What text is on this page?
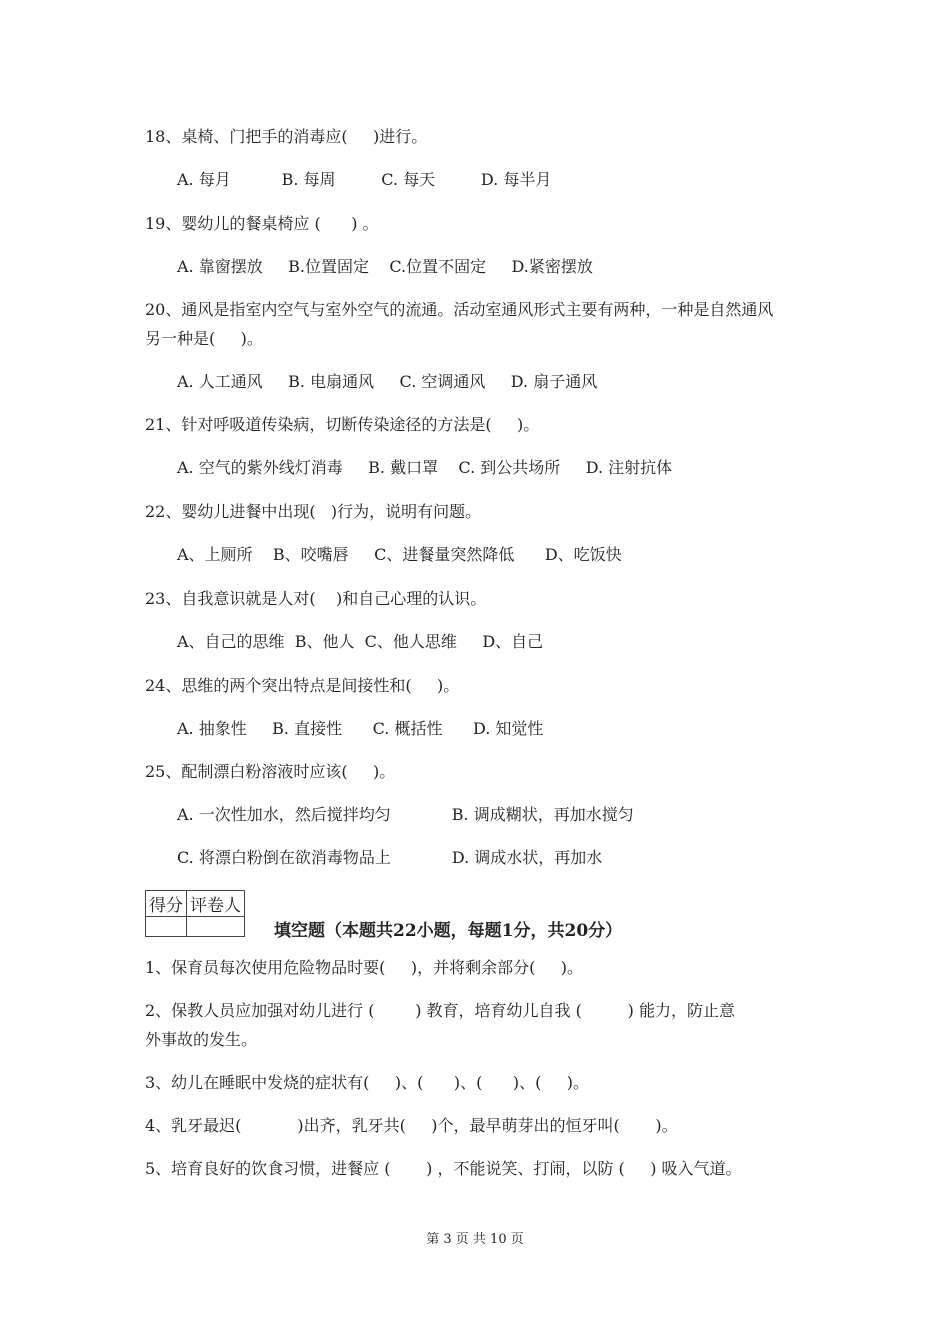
18、桌椅、门把手的消毒应(     )进行。
A. 每月          B. 每周         C. 每天         D. 每半月
19、婴幼儿的餐桌椅应 (      ) 。
A. 靠窗摆放     B.位置固定    C.位置不固定     D.紧密摆放
20、通风是指室内空气与室外空气的流通。活动室通风形式主要有两种，一种是自然通风
另一种是(     )。
A. 人工通风     B. 电扇通风     C. 空调通风     D. 扇子通风
21、针对呼吸道传染病，切断传染途径的方法是(     )。
A. 空气的紫外线灯消毒     B. 戴口罩    C. 到公共场所     D. 注射抗体
22、婴幼儿进餐中出现(   )行为，说明有问题。
A、上厕所    B、咬嘴唇     C、进餐量突然降低      D、吃饭快
23、自我意识就是人对(    )和自己心理的认识。
A、自己的思维  B、他人  C、他人思维     D、自己
24、思维的两个突出特点是间接性和(     )。
A. 抽象性     B. 直接性      C. 概括性      D. 知觉性
25、配制漂白粉溶液时应该(     )。
A. 一次性加水，然后搅拌均匀            B. 调成糊状，再加水搅匀
C. 将漂白粉倒在欲消毒物品上            D. 调成水状，再加水
得分	评卷人

填空题（本题共22小题，每题1分，共20分）
1、保育员每次使用危险物品时要(     )，并将剩余部分(     )。
2、保教人员应加强对幼儿进行 (        ) 教育，培育幼儿自我 (         ) 能力，防止意
外事故的发生。
3、幼儿在睡眠中发烧的症状有(     )、(      )、(      )、(     )。
4、乳牙最迟(           )出齐，乳牙共(     )个，最早萌芽出的恒牙叫(       )。
5、培育良好的饮食习惯，进餐应 (       ) ，不能说笑、打闹，以防 (     ) 吸入气道。
第 3 页 共 10 页
